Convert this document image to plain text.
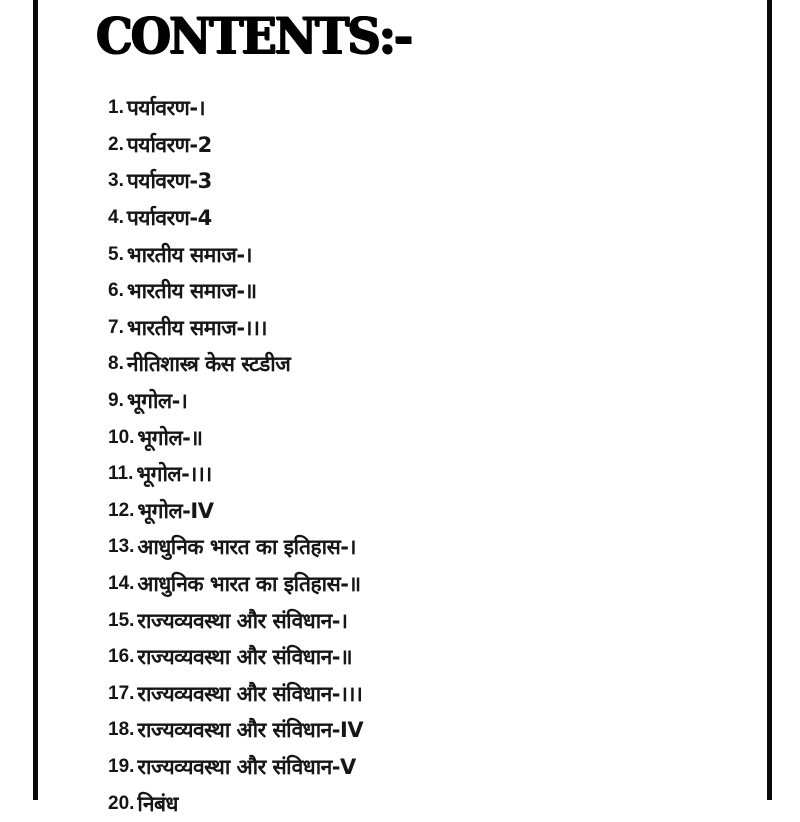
CONTENTS:-
1. पर्यावरण-।
2. पर्यावरण-2
3. पर्यावरण-3
4. पर्यावरण-4
5. भारतीय समाज-।
6. भारतीय समाज-॥
7. भारतीय समाज-।।।
8. नीतिशास्त्र केस स्टडीज
9. भूगोल-।
10. भूगोल-॥
11. भूगोल-।।।
12. भूगोल-IV
13. आधुनिक भारत का इतिहास-।
14. आधुनिक भारत का इतिहास-॥
15. राज्यव्यवस्था और संविधान-।
16. राज्यव्यवस्था और संविधान-॥
17. राज्यव्यवस्था और संविधान-।।।
18. राज्यव्यवस्था और संविधान-IV
19. राज्यव्यवस्था और संविधान-V
20. निबंध
